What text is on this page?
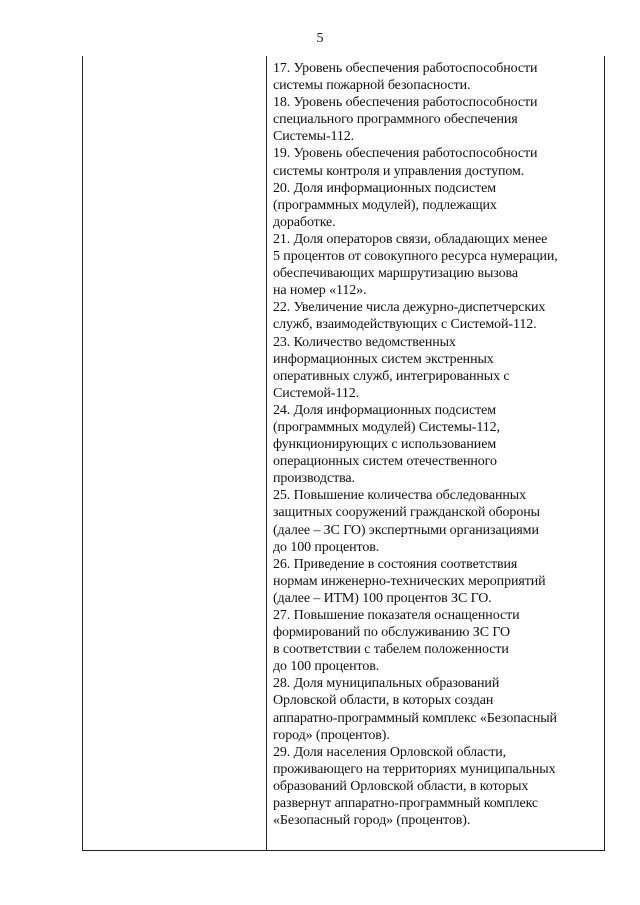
5
17. Уровень обеспечения работоспособности
системы пожарной безопасности.
18. Уровень обеспечения работоспособности
специального программного обеспечения
Системы-112.
19. Уровень обеспечения работоспособности
системы контроля и управления доступом.
20. Доля информационных подсистем
(программных модулей), подлежащих
доработке.
21. Доля операторов связи, обладающих менее
5 процентов от совокупного ресурса нумерации,
обеспечивающих маршрутизацию вызова
на номер «112».
22. Увеличение числа дежурно-диспетчерских
служб, взаимодействующих с Системой-112.
23. Количество ведомственных
информационных систем экстренных
оперативных служб, интегрированных с
Системой-112.
24. Доля информационных подсистем
(программных модулей) Системы-112,
функционирующих с использованием
операционных систем отечественного
производства.
25. Повышение количества обследованных
защитных сооружений гражданской обороны
(далее – ЗС ГО) экспертными организациями
до 100 процентов.
26. Приведение в состояния соответствия
нормам инженерно-технических мероприятий
(далее – ИТМ) 100 процентов ЗС ГО.
27. Повышение показателя оснащенности
формирований по обслуживанию ЗС ГО
в соответствии с табелем положенности
до 100 процентов.
28. Доля муниципальных образований
Орловской области, в которых создан
аппаратно-программный комплекс «Безопасный
город» (процентов).
29. Доля населения Орловской области,
проживающего на территориях муниципальных
образований Орловской области, в которых
развернут аппаратно-программный комплекс
«Безопасный город» (процентов).
